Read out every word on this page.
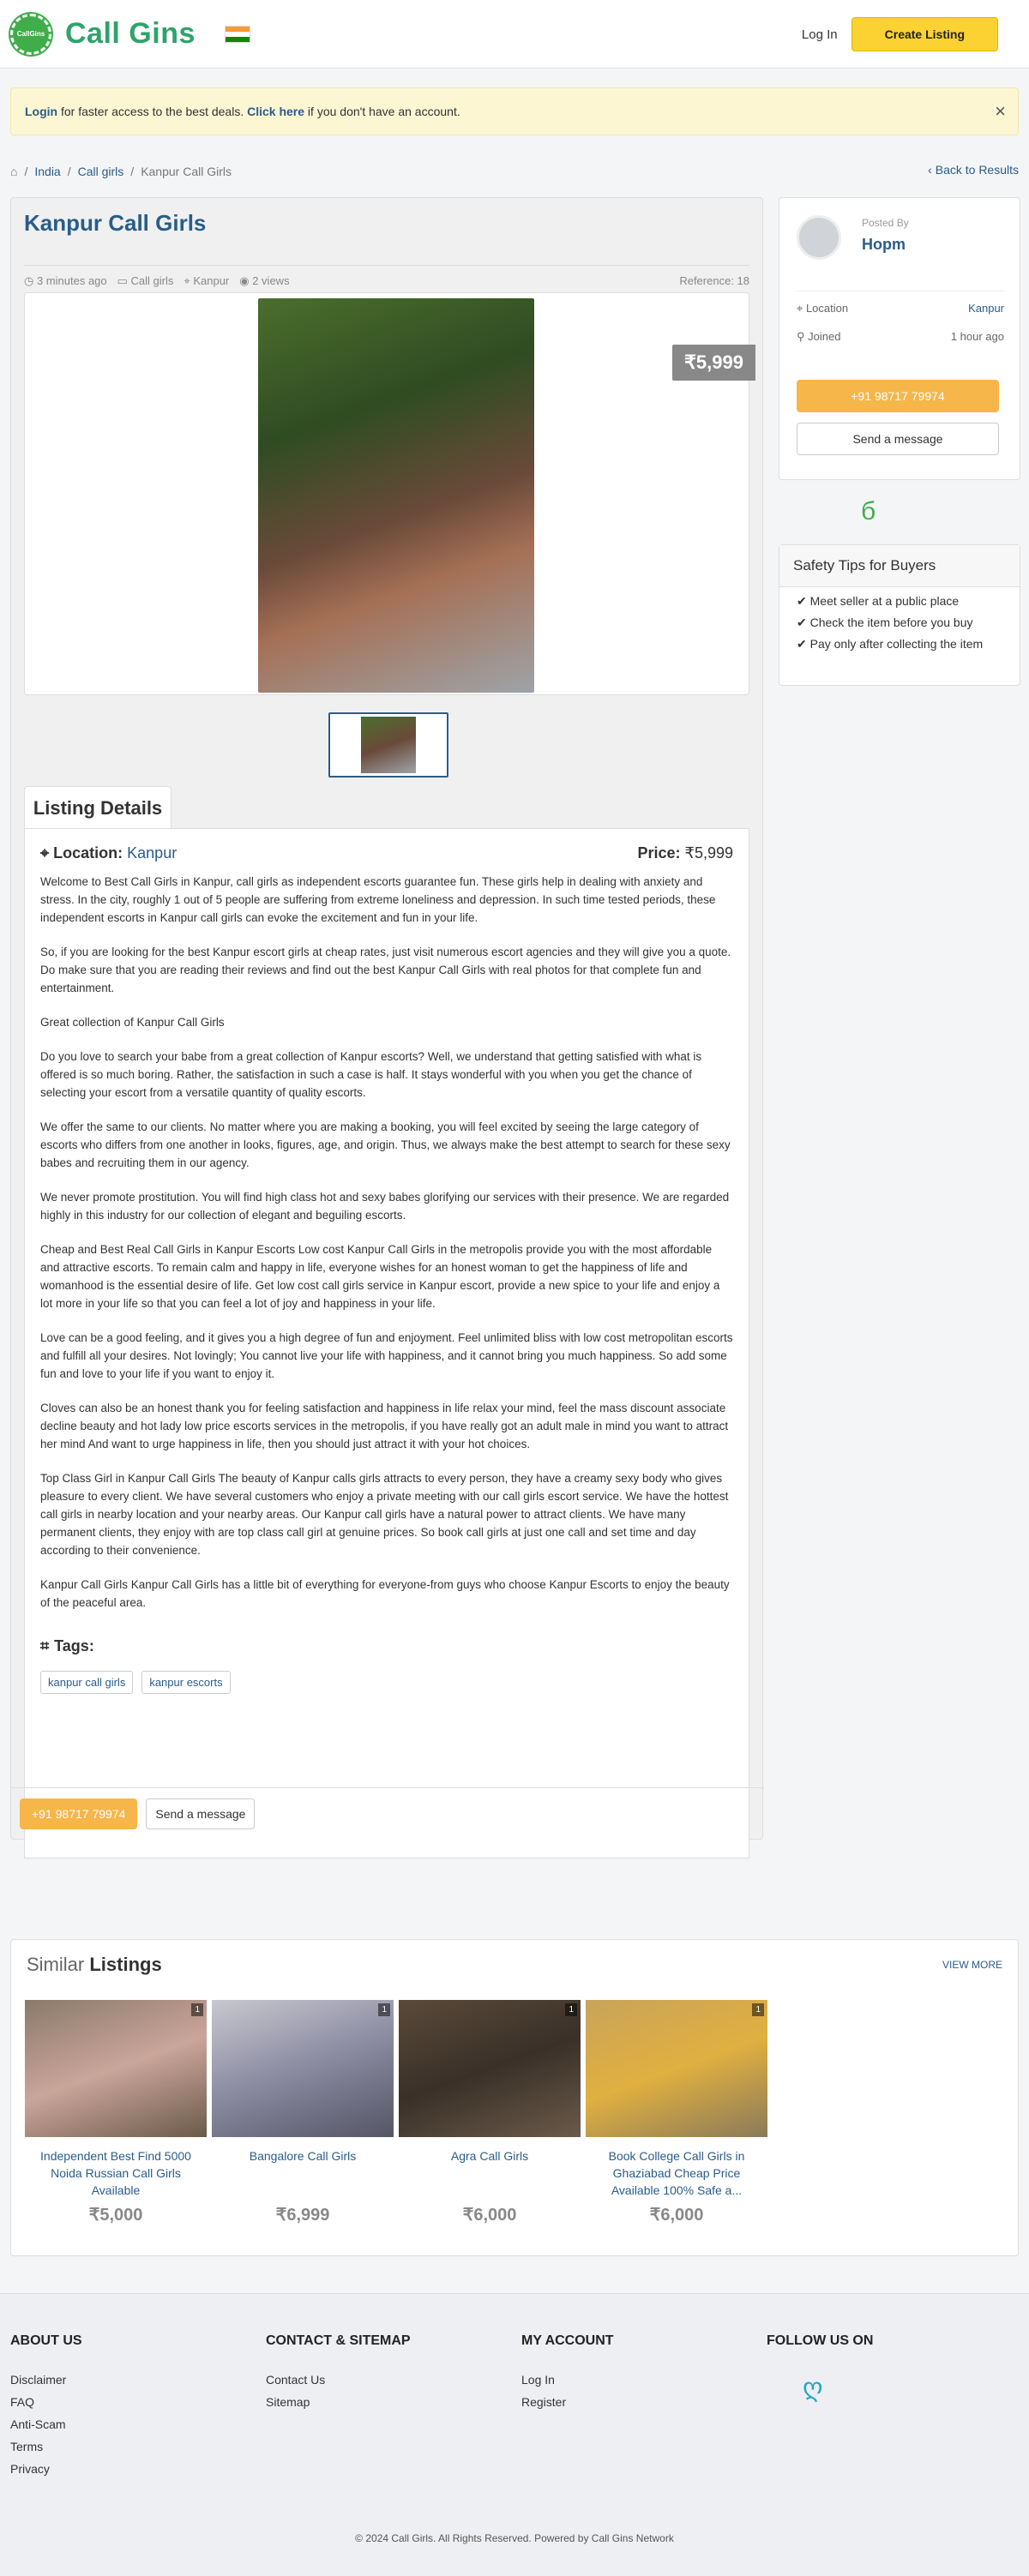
CallGins Call Gins	Log In	Create Listing
Login for faster access to the best deals. Click here if you don't have an account.	×
⌂ / India / Call girls / Kanpur Call Girls	‹ Back to Results
Kanpur Call Girls
◷ 3 minutes ago ▭ Call girls ⌖ Kanpur ◉ 2 views	Reference: 18
₹5,999
Listing Details
⌖ Location: Kanpur	Price: ₹5,999

Welcome to Best Call Girls in Kanpur, call girls as independent escorts guarantee fun. These girls help in dealing with anxiety and stress. In the city, roughly 1 out of 5 people are suffering from extreme loneliness and depression. In such time tested periods, these independent escorts in Kanpur call girls can evoke the excitement and fun in your life.

So, if you are looking for the best Kanpur escort girls at cheap rates, just visit numerous escort agencies and they will give you a quote. Do make sure that you are reading their reviews and find out the best Kanpur Call Girls with real photos for that complete fun and entertainment.

Great collection of Kanpur Call Girls

Do you love to search your babe from a great collection of Kanpur escorts? Well, we understand that getting satisfied with what is offered is so much boring. Rather, the satisfaction in such a case is half. It stays wonderful with you when you get the chance of selecting your escort from a versatile quantity of quality escorts.

We offer the same to our clients. No matter where you are making a booking, you will feel excited by seeing the large category of escorts who differs from one another in looks, figures, age, and origin. Thus, we always make the best attempt to search for these sexy babes and recruiting them in our agency.

We never promote prostitution. You will find high class hot and sexy babes glorifying our services with their presence. We are regarded highly in this industry for our collection of elegant and beguiling escorts.

Cheap and Best Real Call Girls in Kanpur Escorts Low cost Kanpur Call Girls in the metropolis provide you with the most affordable and attractive escorts. To remain calm and happy in life, everyone wishes for an honest woman to get the happiness of life and womanhood is the essential desire of life. Get low cost call girls service in Kanpur escort, provide a new spice to your life and enjoy a lot more in your life so that you can feel a lot of joy and happiness in your life.

Love can be a good feeling, and it gives you a high degree of fun and enjoyment. Feel unlimited bliss with low cost metropolitan escorts and fulfill all your desires. Not lovingly; You cannot live your life with happiness, and it cannot bring you much happiness. So add some fun and love to your life if you want to enjoy it.

Cloves can also be an honest thank you for feeling satisfaction and happiness in life relax your mind, feel the mass discount associate decline beauty and hot lady low price escorts services in the metropolis, if you have really got an adult male in mind you want to attract her mind And want to urge happiness in life, then you should just attract it with your hot choices.

Top Class Girl in Kanpur Call Girls The beauty of Kanpur calls girls attracts to every person, they have a creamy sexy body who gives pleasure to every client. We have several customers who enjoy a private meeting with our call girls escort service. We have the hottest call girls in nearby location and your nearby areas. Our Kanpur call girls have a natural power to attract clients. We have many permanent clients, they enjoy with are top class call girl at genuine prices. So book call girls at just one call and set time and day according to their convenience.

Kanpur Call Girls Kanpur Call Girls has a little bit of everything for everyone-from guys who choose Kanpur Escorts to enjoy the beauty of the peaceful area.

⌗ Tags:
kanpur call girls	kanpur escorts
+91 98717 79974	Send a message
Posted By
Hopm
⌖ Location	Kanpur
⚲ Joined	1 hour ago
+91 98717 79974
Send a message
б
Safety Tips for Buyers
✔ Meet seller at a public place
✔ Check the item before you buy
✔ Pay only after collecting the item
Similar Listings	VIEW MORE
1
Independent Best Find 5000 Noida Russian Call Girls Available
₹5,000
1
Bangalore Call Girls
₹6,999
1
Agra Call Girls
₹6,000
1
Book College Call Girls in Ghaziabad Cheap Price Available 100% Safe a...
₹6,000
ABOUT US
Disclaimer
FAQ
Anti-Scam
Terms
Privacy
CONTACT & SITEMAP
Contact Us
Sitemap
MY ACCOUNT
Log In
Register
FOLLOW US ON
ღ
© 2024 Call Girls. All Rights Reserved. Powered by Call Gins Network
